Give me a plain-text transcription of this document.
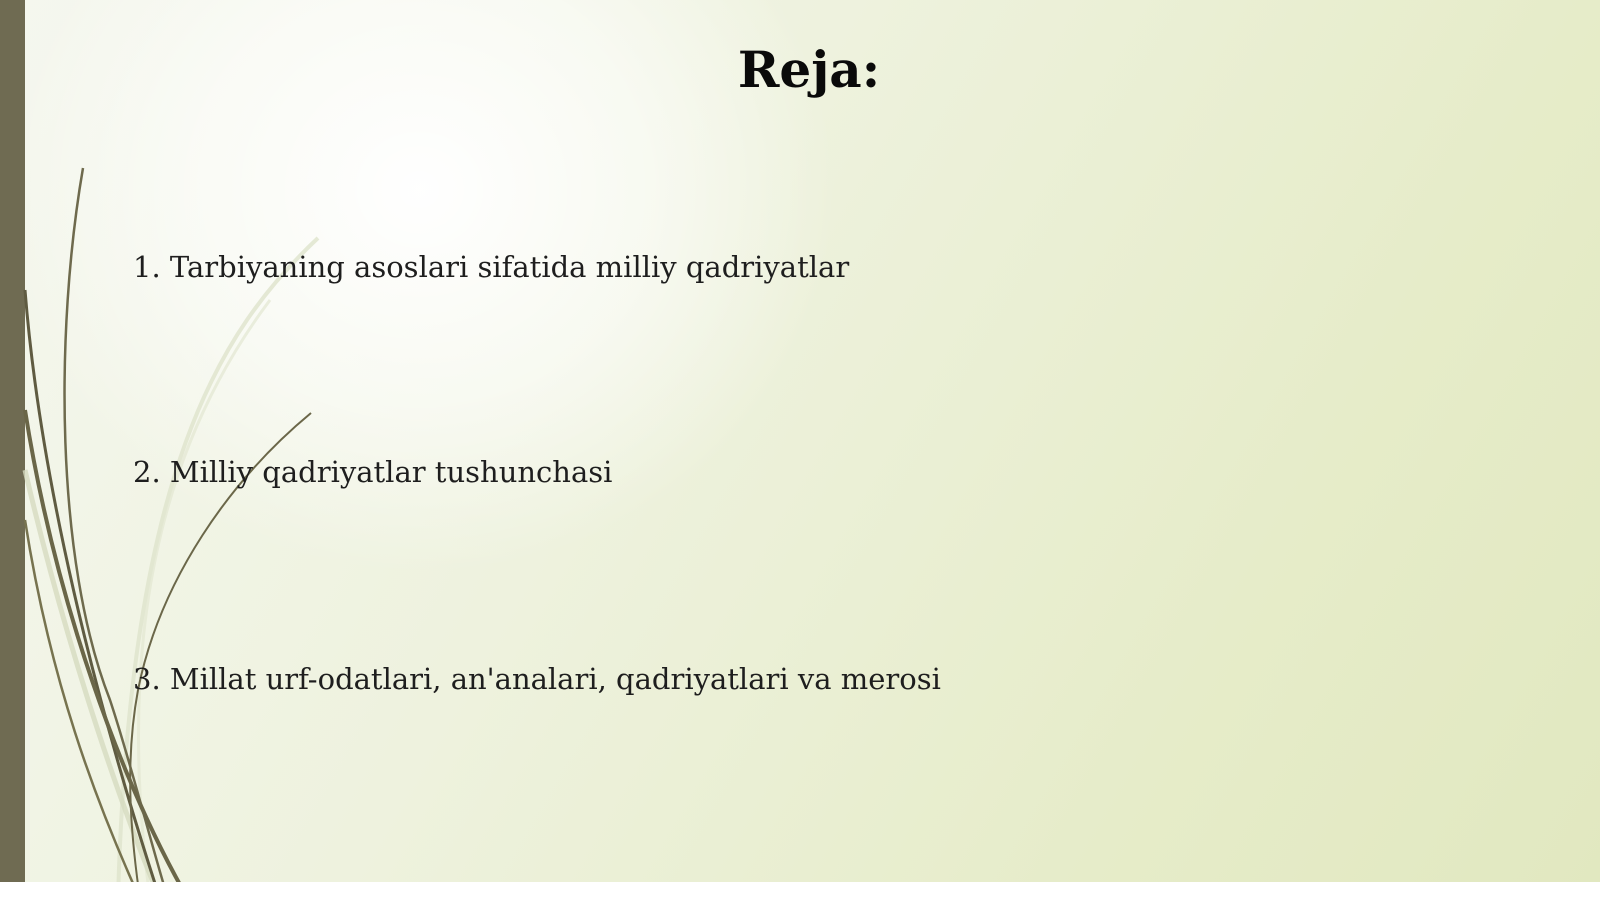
Reja:
1. Tarbiyaning asoslari sifatida milliy qadriyatlar
2. Milliy qadriyatlar tushunchasi
3. Millat urf-odatlari, an'analari, qadriyatlari va merosi
